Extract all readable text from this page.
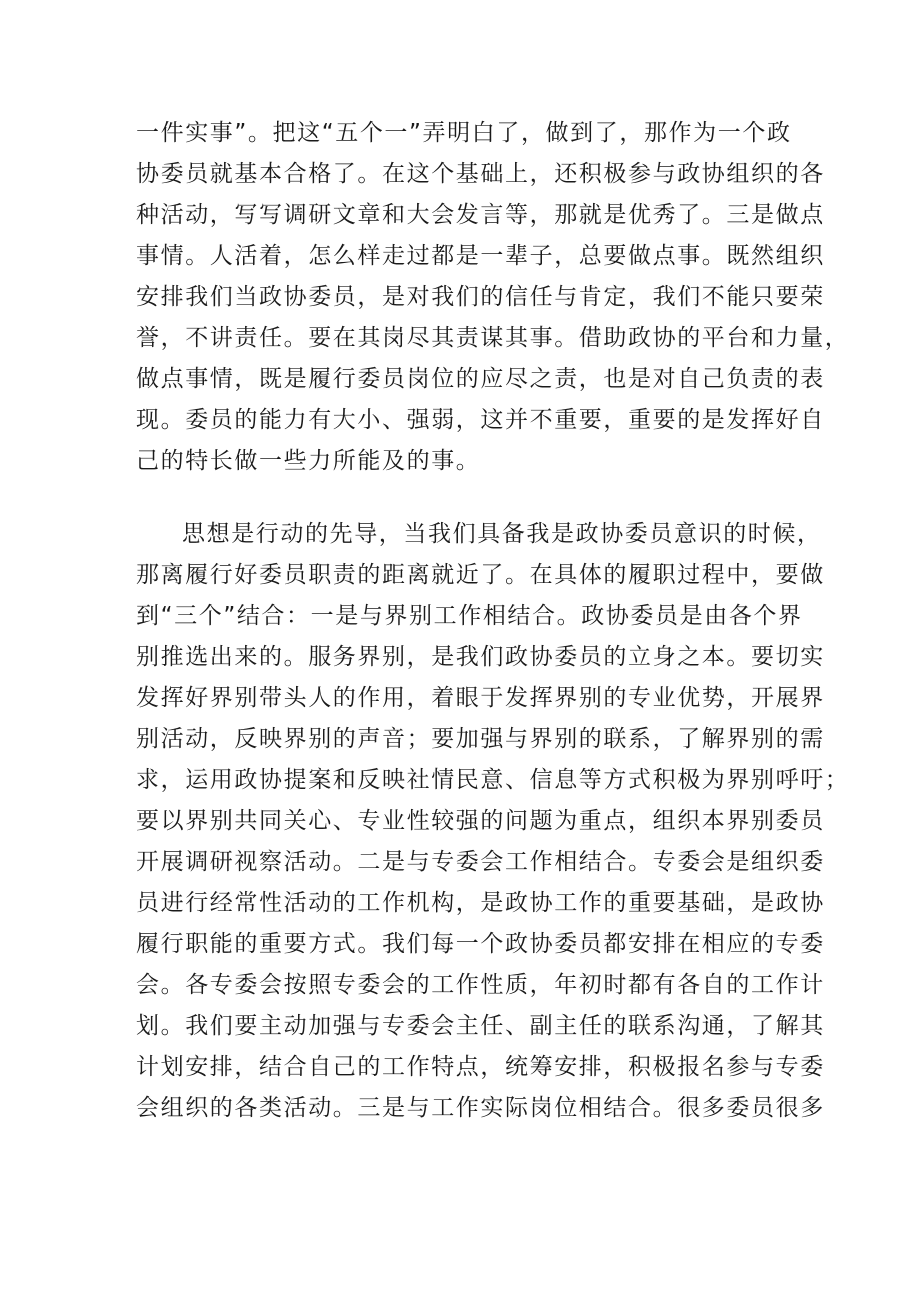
一件实事”。把这“五个一”弄明白了，做到了，那作为一个政
协委员就基本合格了。在这个基础上，还积极参与政协组织的各
种活动，写写调研文章和大会发言等，那就是优秀了。三是做点
事情。人活着，怎么样走过都是一辈子，总要做点事。既然组织
安排我们当政协委员，是对我们的信任与肯定，我们不能只要荣
誉，不讲责任。要在其岗尽其责谋其事。借助政协的平台和力量，
做点事情，既是履行委员岗位的应尽之责，也是对自己负责的表
现。委员的能力有大小、强弱，这并不重要，重要的是发挥好自
己的特长做一些力所能及的事。
思想是行动的先导，当我们具备我是政协委员意识的时候，
那离履行好委员职责的距离就近了。在具体的履职过程中，要做
到“三个”结合：一是与界别工作相结合。政协委员是由各个界
别推选出来的。服务界别，是我们政协委员的立身之本。要切实
发挥好界别带头人的作用，着眼于发挥界别的专业优势，开展界
别活动，反映界别的声音；要加强与界别的联系，了解界别的需
求，运用政协提案和反映社情民意、信息等方式积极为界别呼吁；
要以界别共同关心、专业性较强的问题为重点，组织本界别委员
开展调研视察活动。二是与专委会工作相结合。专委会是组织委
员进行经常性活动的工作机构，是政协工作的重要基础，是政协
履行职能的重要方式。我们每一个政协委员都安排在相应的专委
会。各专委会按照专委会的工作性质，年初时都有各自的工作计
划。我们要主动加强与专委会主任、副主任的联系沟通，了解其
计划安排，结合自己的工作特点，统筹安排，积极报名参与专委
会组织的各类活动。三是与工作实际岗位相结合。很多委员很多
